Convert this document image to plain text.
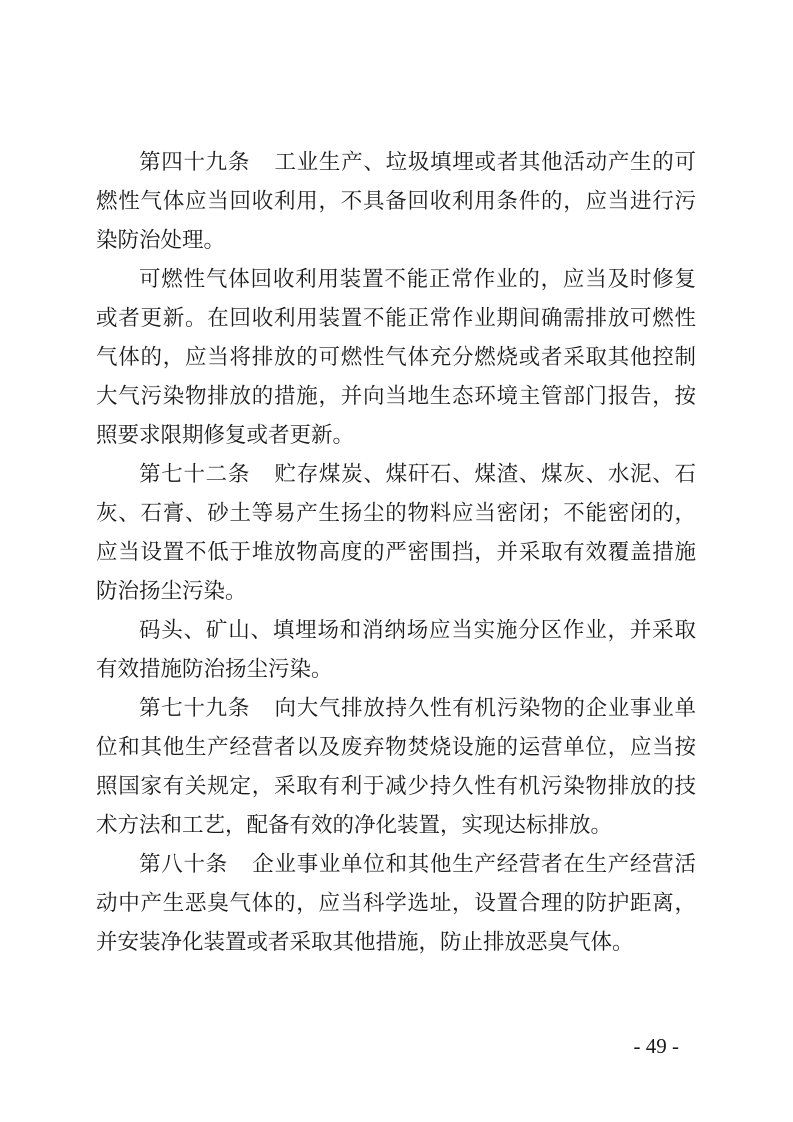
第四十九条 工业生产、垃圾填埋或者其他活动产生的可燃性气体应当回收利用，不具备回收利用条件的，应当进行污染防治处理。

可燃性气体回收利用装置不能正常作业的，应当及时修复或者更新。在回收利用装置不能正常作业期间确需排放可燃性气体的，应当将排放的可燃性气体充分燃烧或者采取其他控制大气污染物排放的措施，并向当地生态环境主管部门报告，按照要求限期修复或者更新。

第七十二条 贮存煤炭、煤矸石、煤渣、煤灰、水泥、石灰、石膏、砂土等易产生扬尘的物料应当密闭；不能密闭的，应当设置不低于堆放物高度的严密围挡，并采取有效覆盖措施防治扬尘污染。

码头、矿山、填埋场和消纳场应当实施分区作业，并采取有效措施防治扬尘污染。

第七十九条 向大气排放持久性有机污染物的企业事业单位和其他生产经营者以及废弃物焚烧设施的运营单位，应当按照国家有关规定，采取有利于减少持久性有机污染物排放的技术方法和工艺，配备有效的净化装置，实现达标排放。

第八十条 企业事业单位和其他生产经营者在生产经营活动中产生恶臭气体的，应当科学选址，设置合理的防护距离，并安装净化装置或者采取其他措施，防止排放恶臭气体。

- 49 -
